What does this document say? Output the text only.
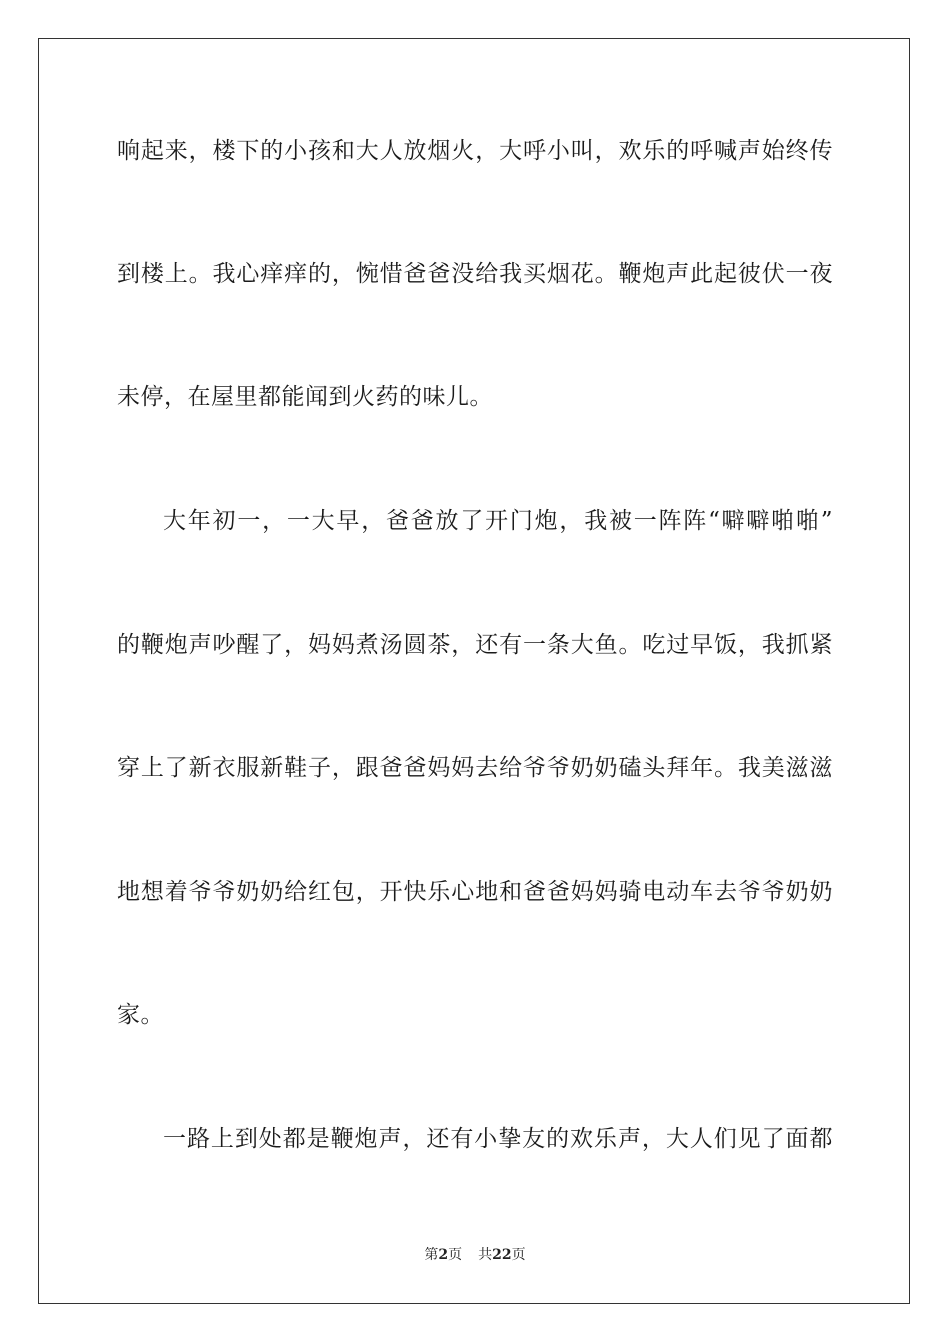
响起来，楼下的小孩和大人放烟火，大呼小叫，欢乐的呼喊声始终传
到楼上。我心痒痒的，惋惜爸爸没给我买烟花。鞭炮声此起彼伏一夜
未停，在屋里都能闻到火药的味儿。
大年初一，一大早，爸爸放了开门炮，我被一阵阵“噼噼啪啪”
的鞭炮声吵醒了，妈妈煮汤圆茶，还有一条大鱼。吃过早饭，我抓紧
穿上了新衣服新鞋子，跟爸爸妈妈去给爷爷奶奶磕头拜年。我美滋滋
地想着爷爷奶奶给红包，开快乐心地和爸爸妈妈骑电动车去爷爷奶奶
家。
一路上到处都是鞭炮声，还有小挚友的欢乐声，大人们见了面都
第2页 共22页
